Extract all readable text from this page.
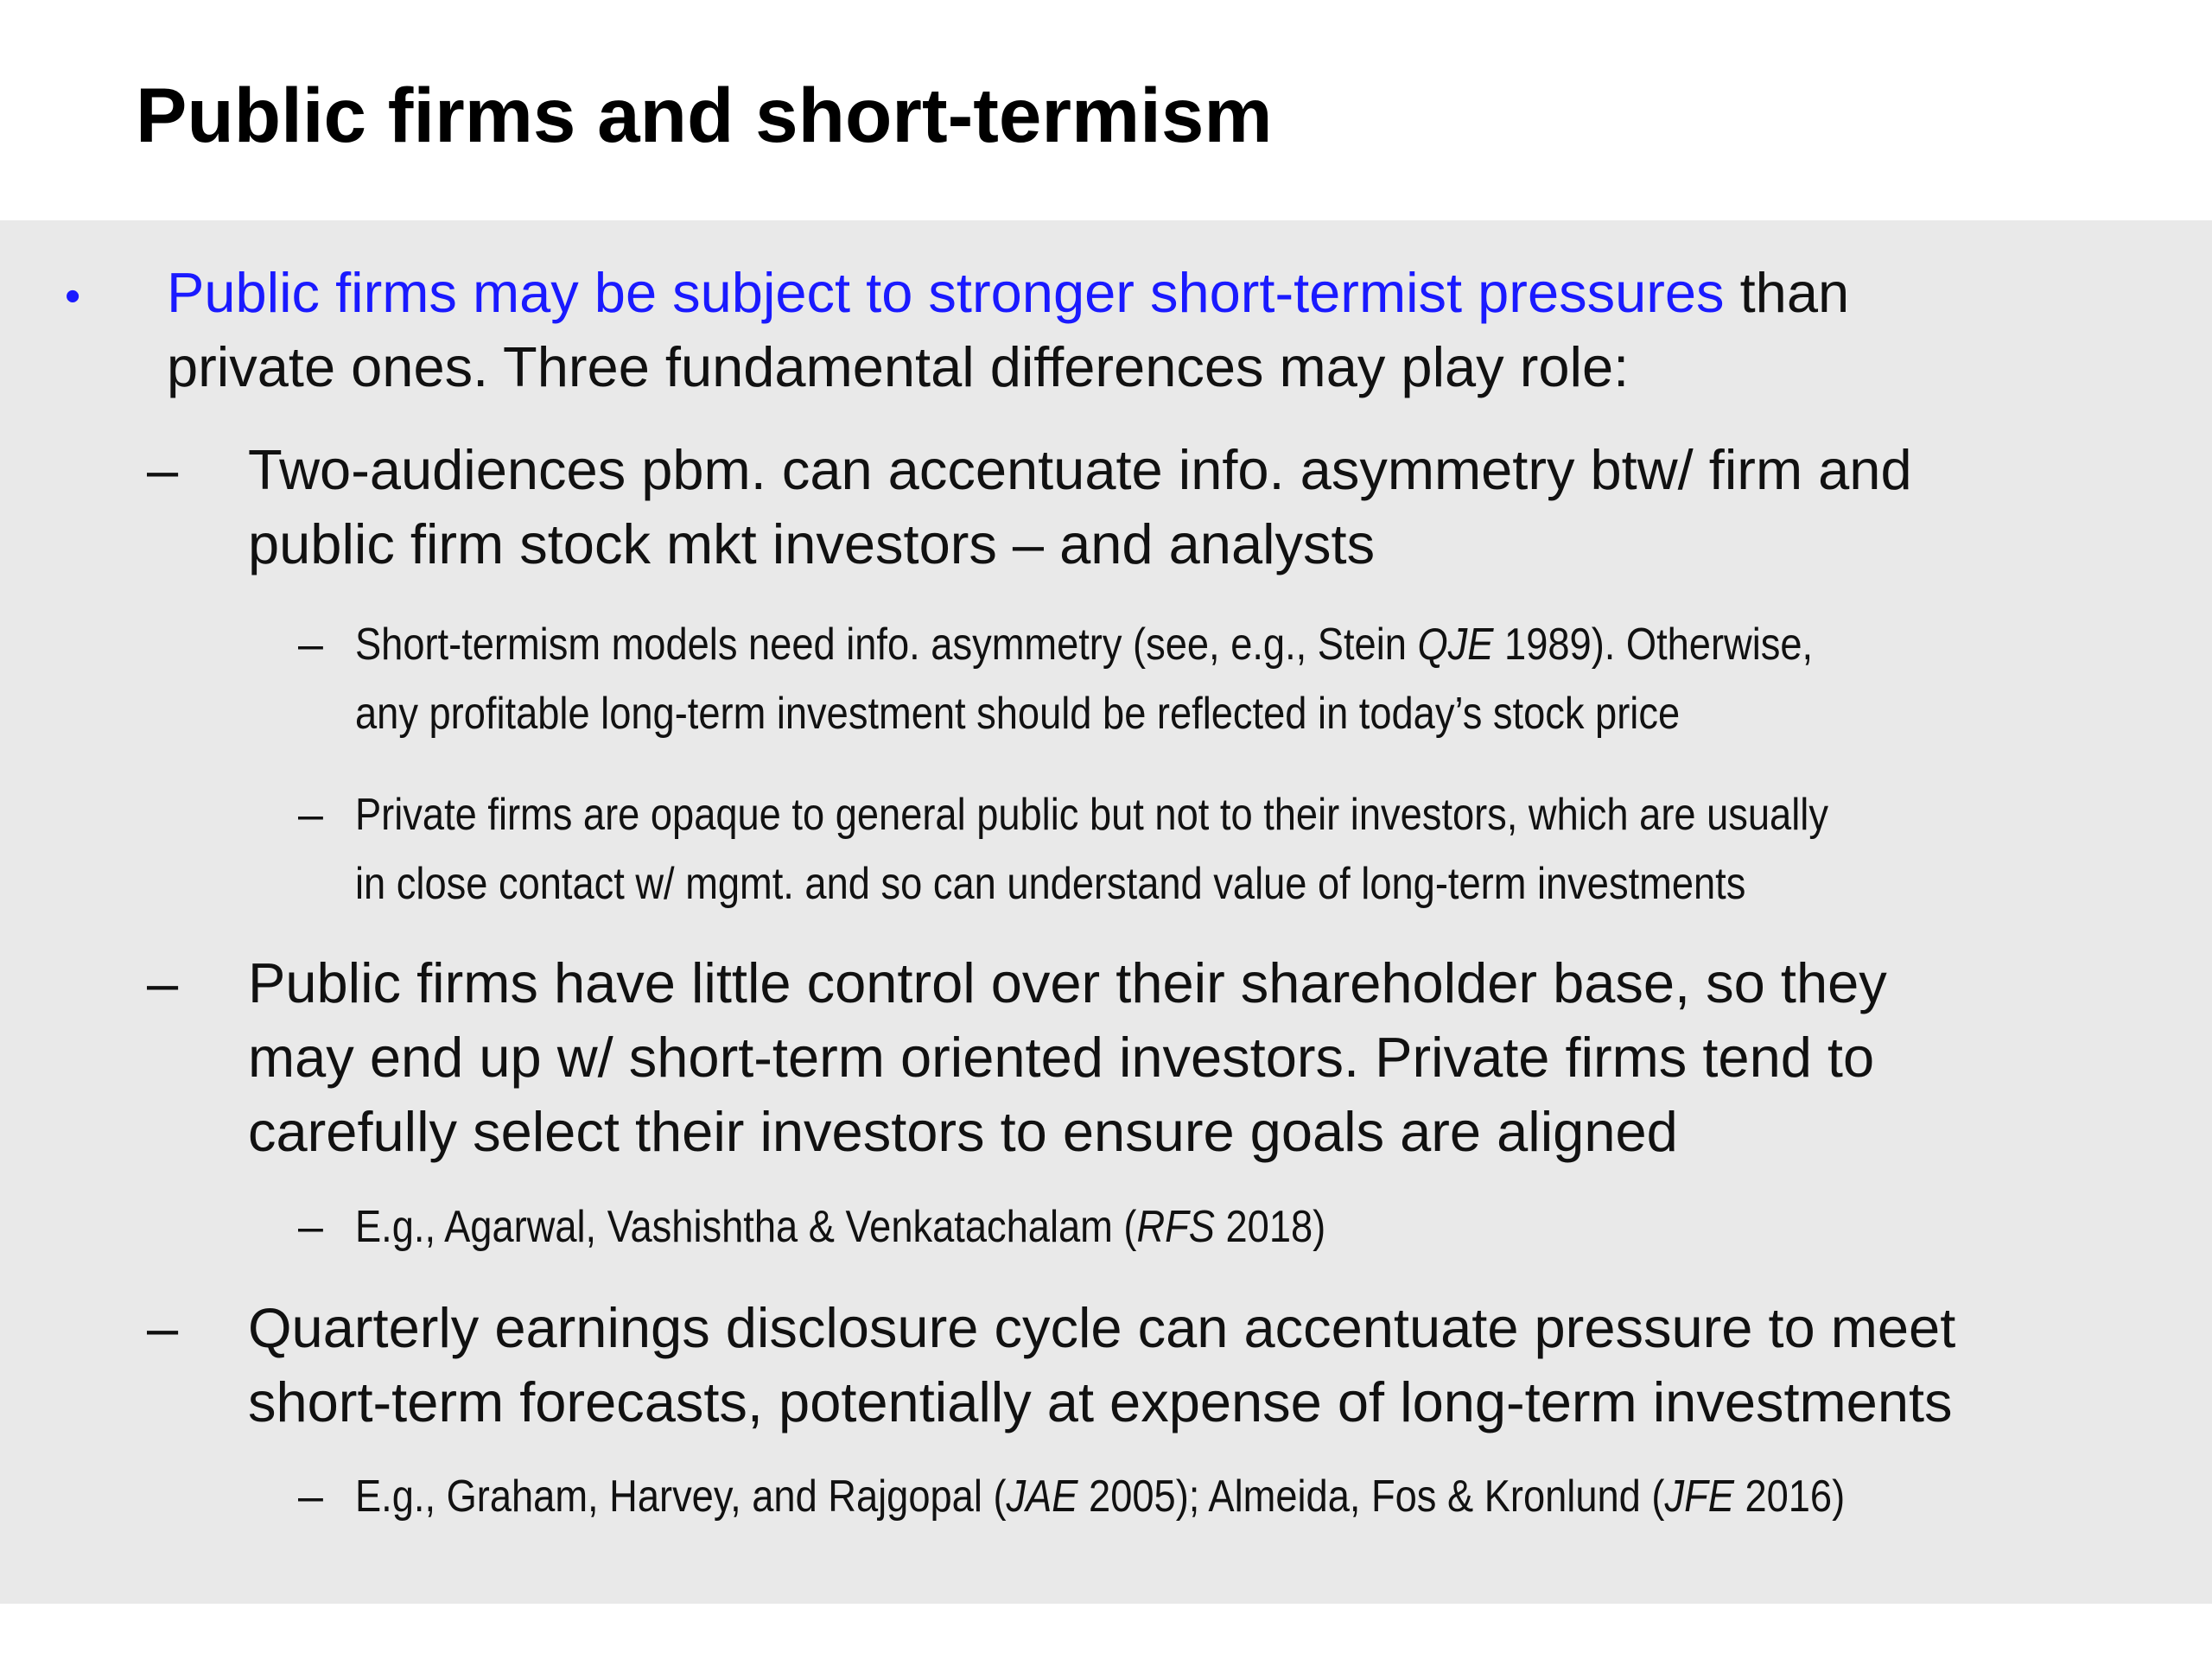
Public firms and short-termism
• Public firms may be subject to stronger short-termist pressures than
private ones. Three fundamental differences may play role:
– Two-audiences pbm. can accentuate info. asymmetry btw/ firm and
public firm stock mkt investors – and analysts
– Short-termism models need info. asymmetry (see, e.g., Stein QJE 1989). Otherwise,
any profitable long-term investment should be reflected in today’s stock price
– Private firms are opaque to general public but not to their investors, which are usually
in close contact w/ mgmt. and so can understand value of long-term investments
– Public firms have little control over their shareholder base, so they
may end up w/ short-term oriented investors. Private firms tend to
carefully select their investors to ensure goals are aligned
– E.g., Agarwal, Vashishtha & Venkatachalam (RFS 2018)
– Quarterly earnings disclosure cycle can accentuate pressure to meet
short-term forecasts, potentially at expense of long-term investments
– E.g., Graham, Harvey, and Rajgopal (JAE 2005); Almeida, Fos & Kronlund (JFE 2016)
